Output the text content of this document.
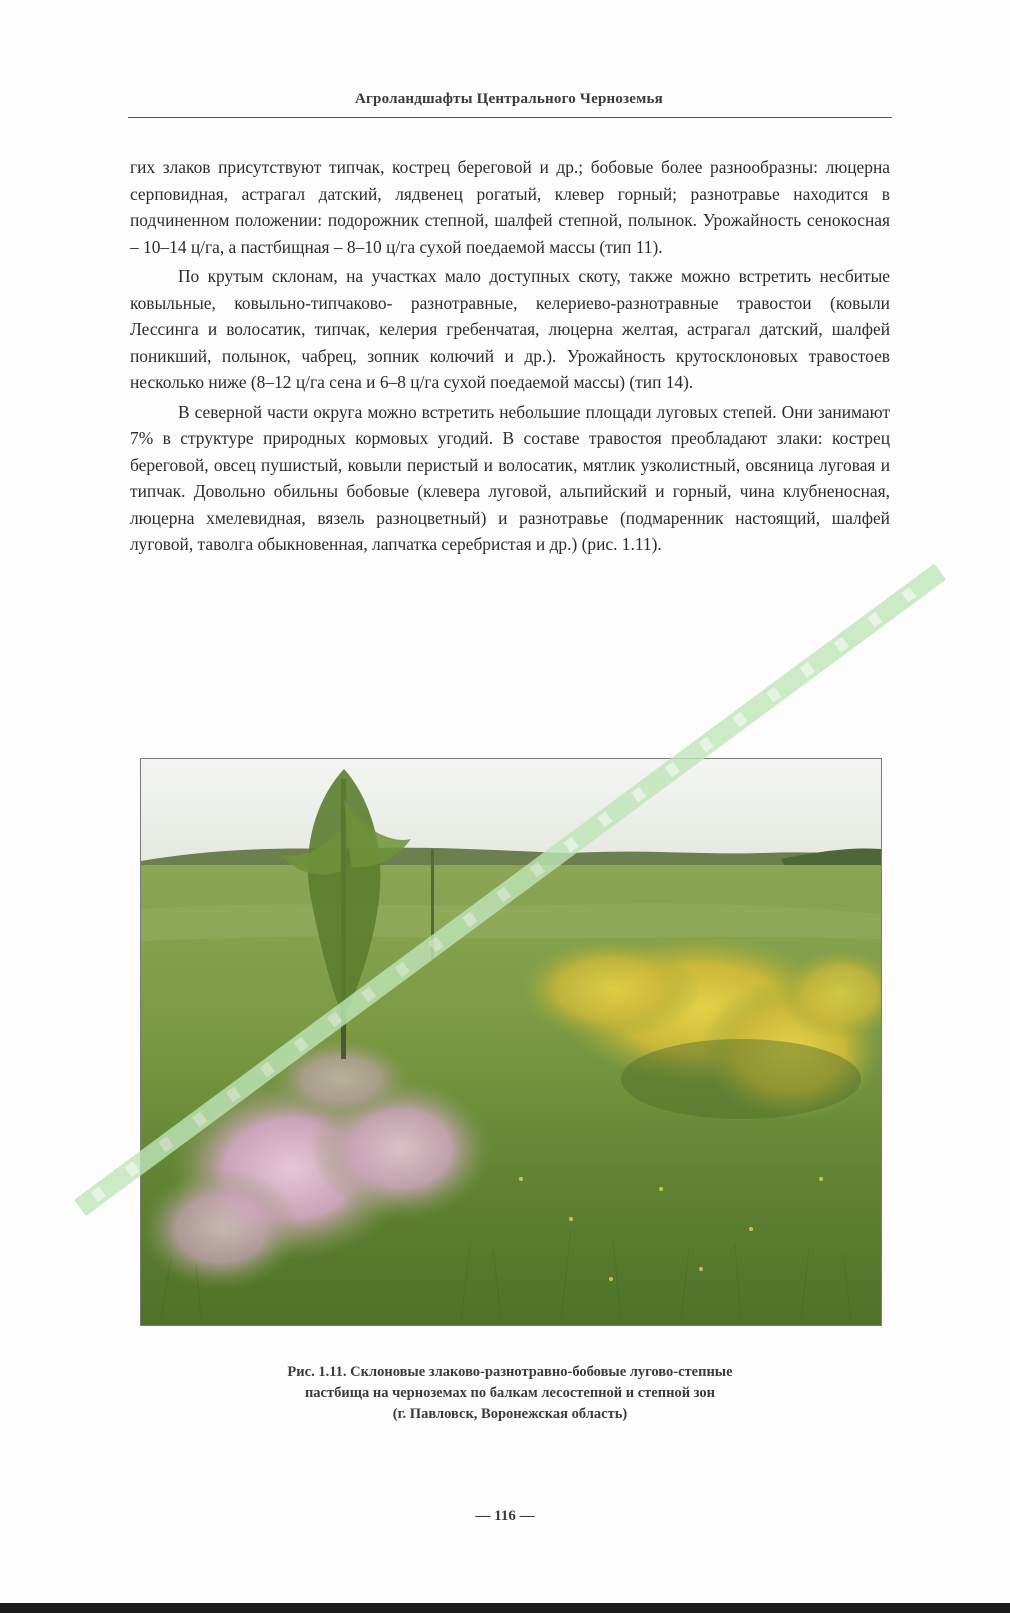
Агроландшафты Центрального Черноземья

гих злаков присутствуют типчак, кострец береговой и др.; бобовые более разнообразны: люцерна серповидная, астрагал датский, лядвенец рогатый, клевер горный; разнотравье находится в подчиненном положении: подорожник степной, шалфей степной, полынок. Урожайность сенокосная – 10–14 ц/га, а пастбищная – 8–10 ц/га сухой поедаемой массы (тип 11).

По крутым склонам, на участках мало доступных скоту, также можно встретить несбитые ковыльные, ковыльно-типчаково- разнотравные, келериево-разнотравные травостои (ковыли Лессинга и волосатик, типчак, келерия гребенчатая, люцерна желтая, астрагал датский, шалфей поникший, полынок, чабрец, зопник колючий и др.). Урожайность крутосклоновых травостоев несколько ниже (8–12 ц/га сена и 6–8 ц/га сухой поедаемой массы) (тип 14).

В северной части округа можно встретить небольшие площади луговых степей. Они занимают 7% в структуре природных кормовых угодий. В составе травостоя преобладают злаки: кострец береговой, овсец пушистый, ковыли перистый и волосатик, мятлик узколистный, овсяница луговая и типчак. Довольно обильны бобовые (клевера луговой, альпийский и горный, чина клубненосная, люцерна хмелевидная, вязель разноцветный) и разнотравье (подмаренник настоящий, шалфей луговой, таволга обыкновенная, лапчатка серебристая и др.) (рис. 1.11).

Рис. 1.11. Склоновые злаково-разнотравно-бобовые лугово-степные
пастбища на черноземах по балкам лесостепной и степной зон
(г. Павловск, Воронежская область)
— 116 —
